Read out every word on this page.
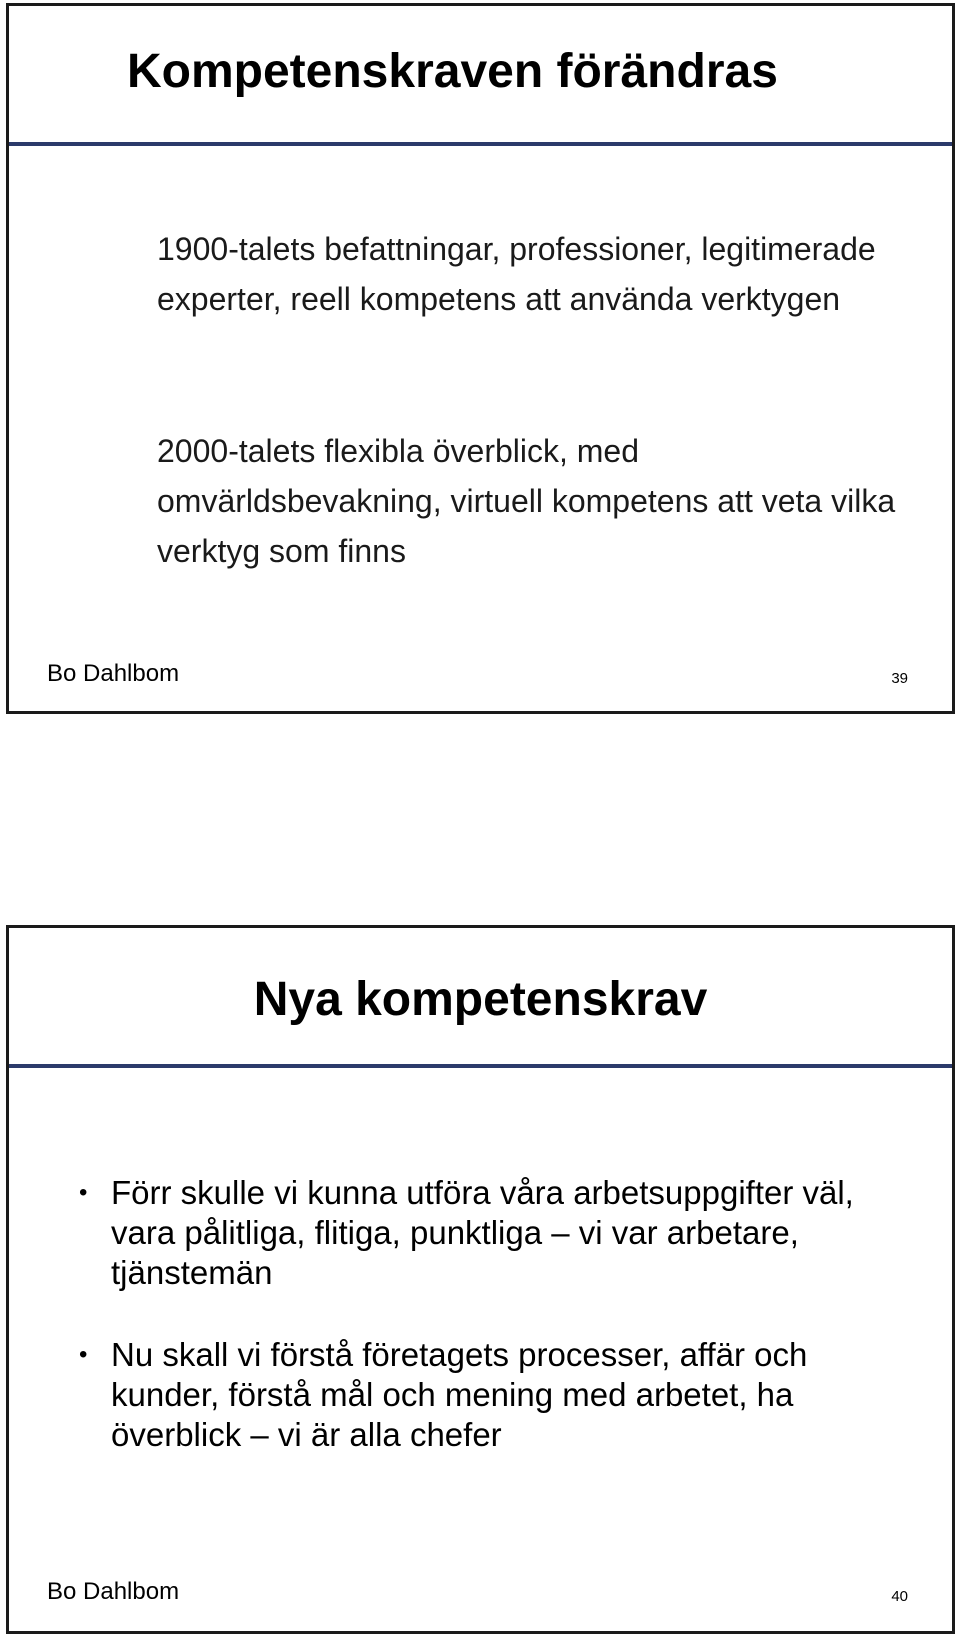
Kompetenskraven förändras
1900-talets befattningar, professioner, legitimerade experter, reell kompetens att använda verktygen
2000-talets flexibla överblick, med omvärldsbevakning, virtuell kompetens att veta vilka verktyg som finns
Bo Dahlbom	39
Nya kompetenskrav
• Förr skulle vi kunna utföra våra arbetsuppgifter väl, vara pålitliga, flitiga, punktliga – vi var arbetare, tjänstemän
• Nu skall vi förstå företagets processer, affär och kunder, förstå mål och mening med arbetet, ha överblick – vi är alla chefer
Bo Dahlbom	40
